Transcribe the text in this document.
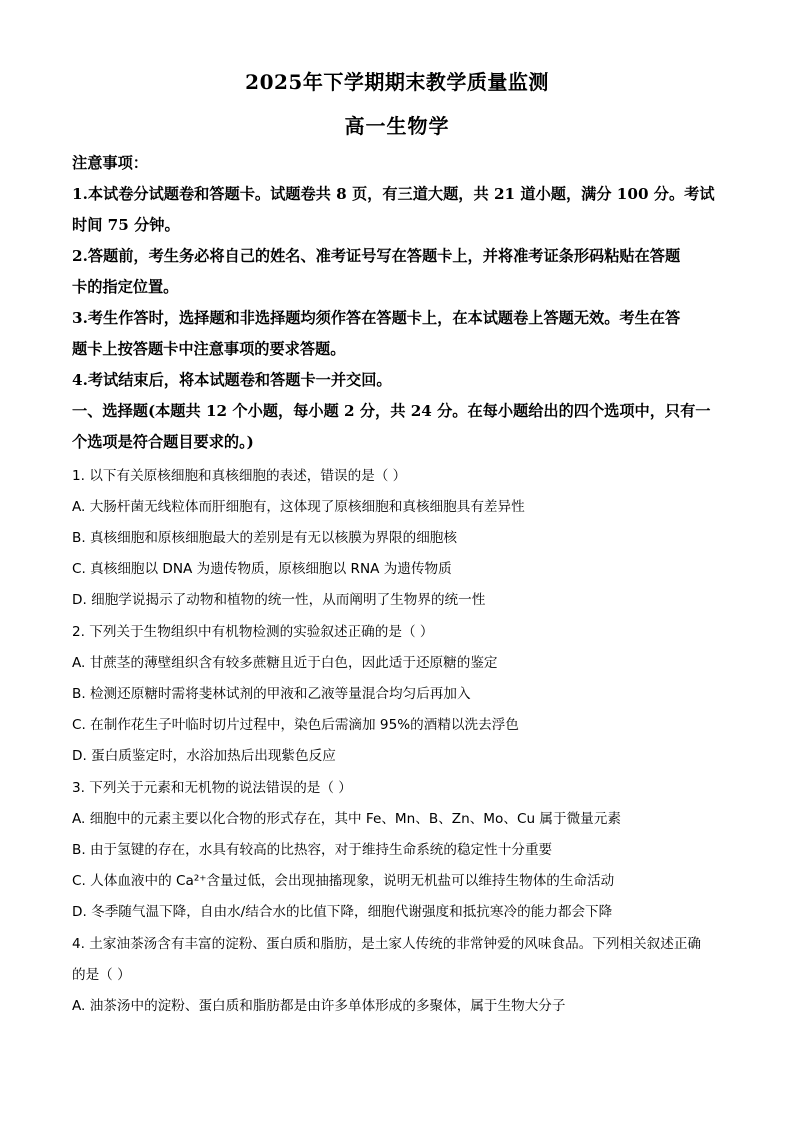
2025年下学期期末教学质量监测
高一生物学
注意事项：
1.本试卷分试题卷和答题卡。试题卷共 8 页，有三道大题，共 21 道小题，满分 100 分。考试
时间 75 分钟。
2.答题前，考生务必将自己的姓名、准考证号写在答题卡上，并将准考证条形码粘贴在答题
卡的指定位置。
3.考生作答时，选择题和非选择题均须作答在答题卡上，在本试题卷上答题无效。考生在答
题卡上按答题卡中注意事项的要求答题。
4.考试结束后，将本试题卷和答题卡一并交回。
一、选择题(本题共 12 个小题，每小题 2 分，共 24 分。在每小题给出的四个选项中，只有一
个选项是符合题目要求的。)
1. 以下有关原核细胞和真核细胞的表述，错误的是（ ）
A. 大肠杆菌无线粒体而肝细胞有，这体现了原核细胞和真核细胞具有差异性
B. 真核细胞和原核细胞最大的差别是有无以核膜为界限的细胞核
C. 真核细胞以 DNA 为遗传物质，原核细胞以 RNA 为遗传物质
D. 细胞学说揭示了动物和植物的统一性，从而阐明了生物界的统一性
2. 下列关于生物组织中有机物检测的实验叙述正确的是（ ）
A. 甘蔗茎的薄壁组织含有较多蔗糖且近于白色，因此适于还原糖的鉴定
B. 检测还原糖时需将斐林试剂的甲液和乙液等量混合均匀后再加入
C. 在制作花生子叶临时切片过程中，染色后需滴加 95%的酒精以洗去浮色
D. 蛋白质鉴定时，水浴加热后出现紫色反应
3. 下列关于元素和无机物的说法错误的是（ ）
A. 细胞中的元素主要以化合物的形式存在，其中 Fe、Mn、B、Zn、Mo、Cu 属于微量元素
B. 由于氢键的存在，水具有较高的比热容，对于维持生命系统的稳定性十分重要
C. 人体血液中的 Ca²⁺含量过低，会出现抽搐现象，说明无机盐可以维持生物体的生命活动
D. 冬季随气温下降，自由水/结合水的比值下降，细胞代谢强度和抵抗寒冷的能力都会下降
4. 土家油茶汤含有丰富的淀粉、蛋白质和脂肪，是土家人传统的非常钟爱的风味食品。下列相关叙述正确
的是（ ）
A. 油茶汤中的淀粉、蛋白质和脂肪都是由许多单体形成的多聚体，属于生物大分子
